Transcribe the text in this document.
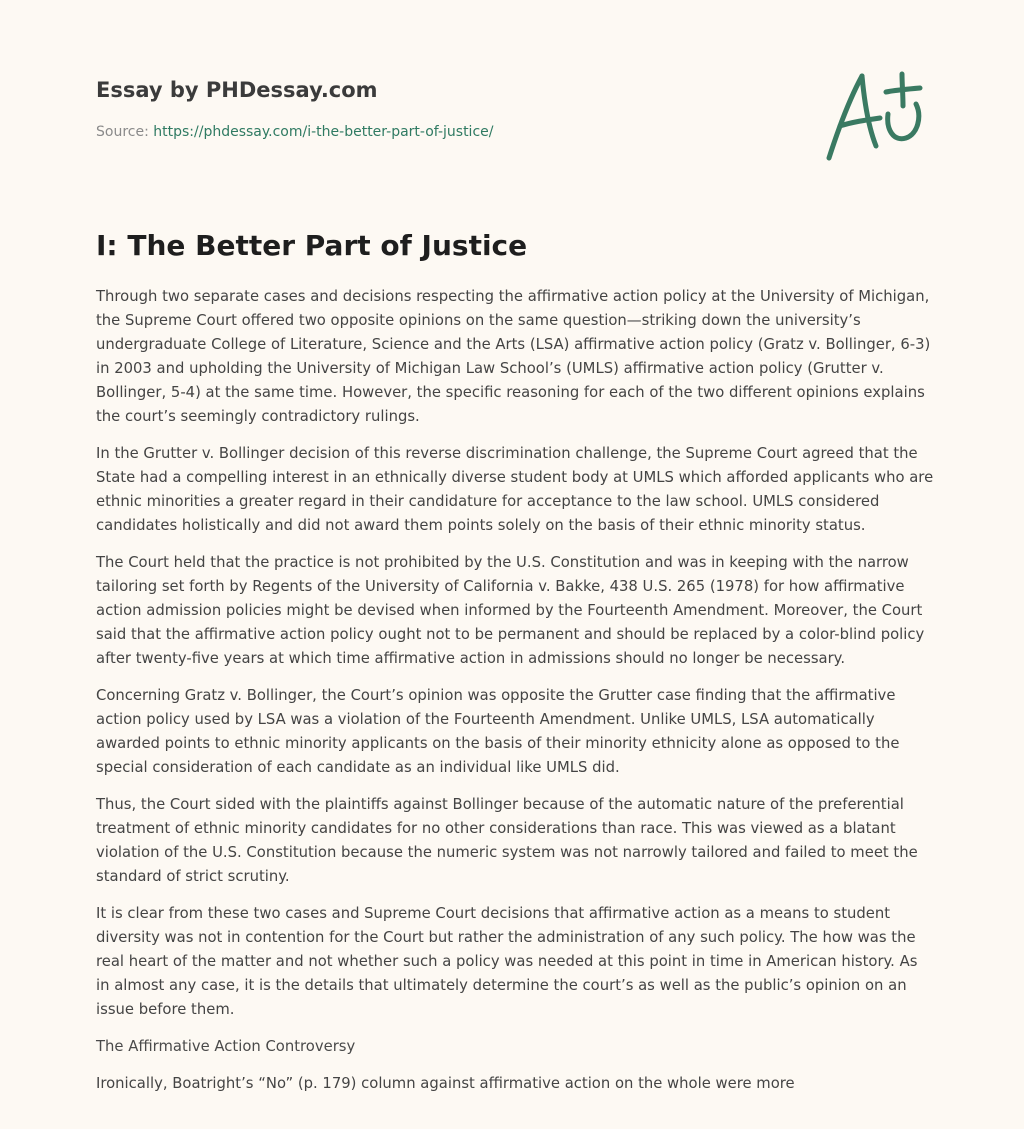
Essay by PHDessay.com
Source: https://phdessay.com/i-the-better-part-of-justice/
I: The Better Part of Justice

Through two separate cases and decisions respecting the affirmative action policy at the University of Michigan, the Supreme Court offered two opposite opinions on the same question—striking down the university’s undergraduate College of Literature, Science and the Arts (LSA) affirmative action policy (Gratz v. Bollinger, 6-3) in 2003 and upholding the University of Michigan Law School’s (UMLS) affirmative action policy (Grutter v. Bollinger, 5-4) at the same time. However, the specific reasoning for each of the two different opinions explains the court’s seemingly contradictory rulings.

In the Grutter v. Bollinger decision of this reverse discrimination challenge, the Supreme Court agreed that the State had a compelling interest in an ethnically diverse student body at UMLS which afforded applicants who are ethnic minorities a greater regard in their candidature for acceptance to the law school. UMLS considered candidates holistically and did not award them points solely on the basis of their ethnic minority status.

The Court held that the practice is not prohibited by the U.S. Constitution and was in keeping with the narrow tailoring set forth by Regents of the University of California v. Bakke, 438 U.S. 265 (1978) for how affirmative action admission policies might be devised when informed by the Fourteenth Amendment. Moreover, the Court said that the affirmative action policy ought not to be permanent and should be replaced by a color-blind policy after twenty-five years at which time affirmative action in admissions should no longer be necessary.

Concerning Gratz v. Bollinger, the Court’s opinion was opposite the Grutter case finding that the affirmative action policy used by LSA was a violation of the Fourteenth Amendment. Unlike UMLS, LSA automatically awarded points to ethnic minority applicants on the basis of their minority ethnicity alone as opposed to the special consideration of each candidate as an individual like UMLS did.

Thus, the Court sided with the plaintiffs against Bollinger because of the automatic nature of the preferential treatment of ethnic minority candidates for no other considerations than race. This was viewed as a blatant violation of the U.S. Constitution because the numeric system was not narrowly tailored and failed to meet the standard of strict scrutiny.

It is clear from these two cases and Supreme Court decisions that affirmative action as a means to student diversity was not in contention for the Court but rather the administration of any such policy. The how was the real heart of the matter and not whether such a policy was needed at this point in time in American history. As in almost any case, it is the details that ultimately determine the court’s as well as the public’s opinion on an issue before them.

The Affirmative Action Controversy

Ironically, Boatright’s “No” (p. 179) column against affirmative action on the whole were more
